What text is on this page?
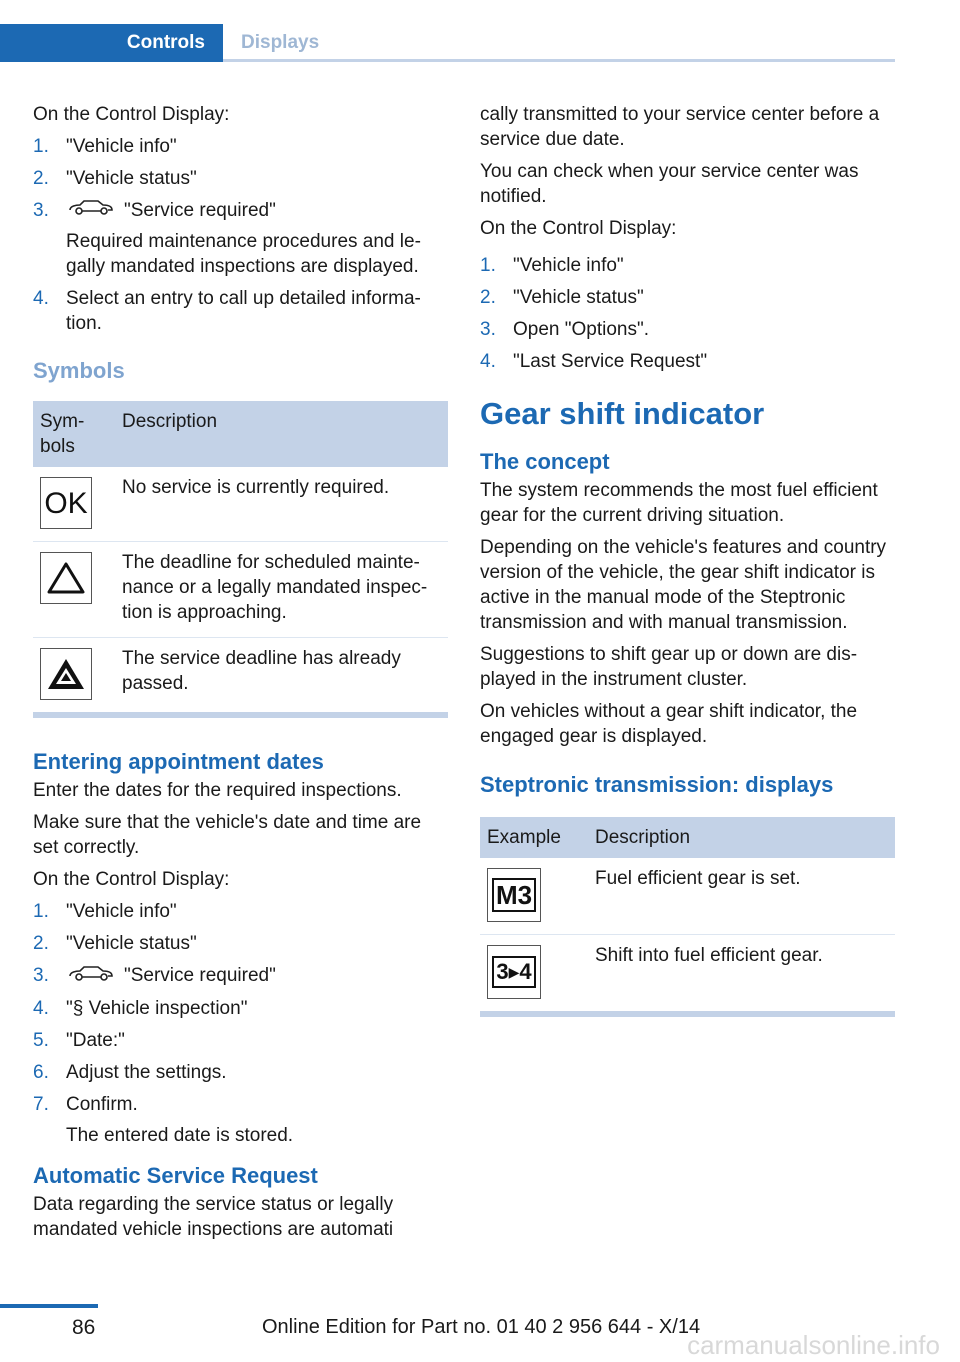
Controls	Displays

On the Control Display:

1. "Vehicle info"
2. "Vehicle status"
3.	"Service required"
Required maintenance procedures and legally mandated inspections are displayed.
4. Select an entry to call up detailed information.
Symbols
Symbols	Description

OK	No service is currently required.

	The deadline for scheduled maintenance or a legally mandated inspection is approaching.

	The service deadline has already passed.
Entering appointment dates

Enter the dates for the required inspections.

Make sure that the vehicle's date and time are set correctly.

On the Control Display:

1. "Vehicle info"
2. "Vehicle status"
3.	"Service required"
4. "§ Vehicle inspection"
5. "Date:"
6. Adjust the settings.
7. Confirm.
The entered date is stored.
Automatic Service Request

Data regarding the service status or legally mandated vehicle inspections are automati

cally transmitted to your service center before a service due date.

You can check when your service center was notified.

On the Control Display:

1. "Vehicle info"
2. "Vehicle status"
3. Open "Options".
4. "Last Service Request"
Gear shift indicator
The concept

The system recommends the most fuel efficient gear for the current driving situation.

Depending on the vehicle's features and country version of the vehicle, the gear shift indicator is active in the manual mode of the Steptronic transmission and with manual transmission.

Suggestions to shift gear up or down are displayed in the instrument cluster.

On vehicles without a gear shift indicator, the engaged gear is displayed.

Steptronic transmission: displays
Example	Description

M3	Fuel efficient gear is set.

3 ▶ 4	Shift into fuel efficient gear.
86	Online Edition for Part no. 01 40 2 956 644 - X/14
carmanualsonline.info
